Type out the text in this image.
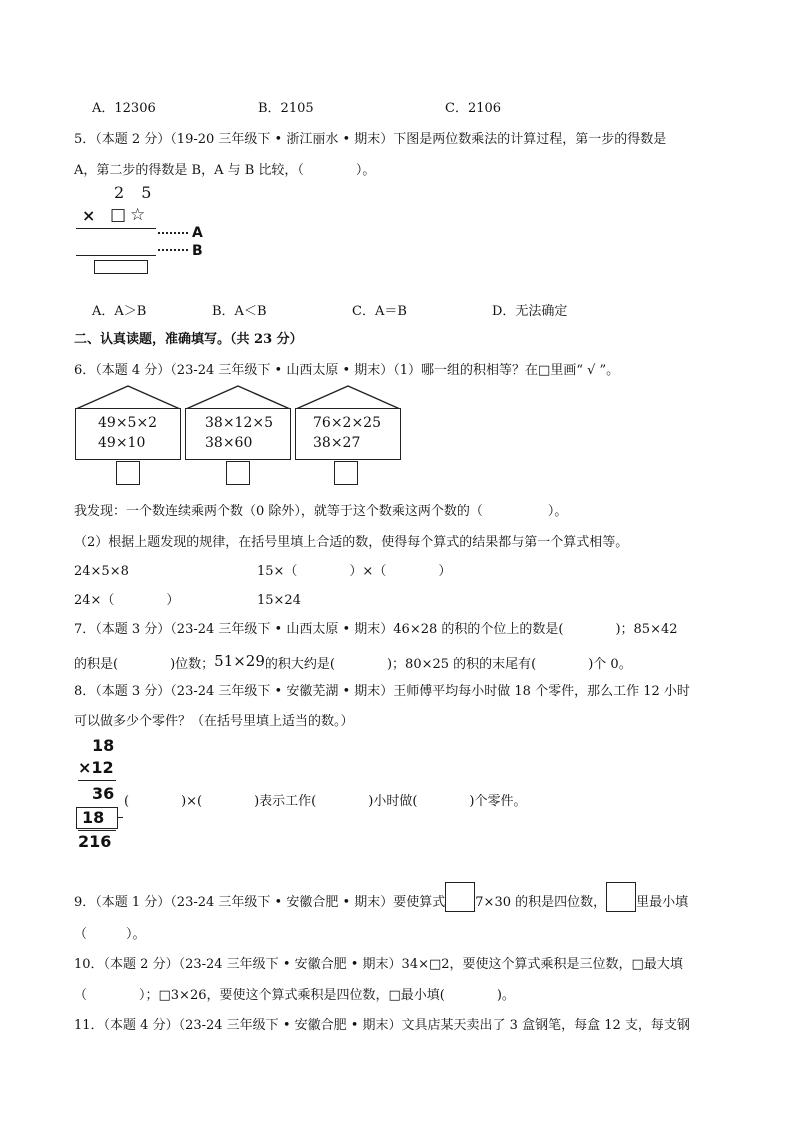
A．12306	B．2105	C．2106
5．（本题 2 分）（19-20 三年级下 • 浙江丽水 • 期末）下图是两位数乘法的计算过程，第一步的得数是
A，第二步的得数是 B，A 与 B 比较，（　　　　）。
2 5
× □ ☆
A
B
A．A＞B	B．A＜B	C．A＝B	D．无法确定
二、认真读题，准确填写。（共 23 分）
6．（本题 4 分）（23-24 三年级下 • 山西太原 • 期末）（1）哪一组的积相等？在□里画“ √ ”。
49×5×2
49×10
38×12×5
38×60
76×2×25
38×27
我发现：一个数连续乘两个数（0 除外），就等于这个数乘这两个数的（　　　　　）。
（2）根据上题发现的规律，在括号里填上合适的数，使得每个算式的结果都与第一个算式相等。
24×5×8	15×（　　　　）×（　　　　）
24×（　　　　）	15×24
7．（本题 3 分）（23-24 三年级下 • 山西太原 • 期末）46×28 的积的个位上的数是(　　　　)；85×42
的积是(　　　　)位数；51×29的积大约是(　　　　)；80×25 的积的末尾有(　　　　)个 0。
8．（本题 3 分）（23-24 三年级下 • 安徽芜湖 • 期末）王师傅平均每小时做 18 个零件，那么工作 12 小时
可以做多少个零件？（在括号里填上适当的数。）
18
×12
36
18
216
(　　　　)×(　　　　)表示工作(　　　　)小时做(　　　　)个零件。
9．（本题 1 分）（23-24 三年级下 • 安徽合肥 • 期末）要使算式 7×30 的积是四位数， 里最小填
（　　　）。
10．（本题 2 分）（23-24 三年级下 • 安徽合肥 • 期末）34×□2，要使这个算式乘积是三位数，□最大填
（　　　　）；□3×26，要使这个算式乘积是四位数，□最小填(　　　　)。
11．（本题 4 分）（23-24 三年级下 • 安徽合肥 • 期末）文具店某天卖出了 3 盒钢笔，每盒 12 支，每支钢
